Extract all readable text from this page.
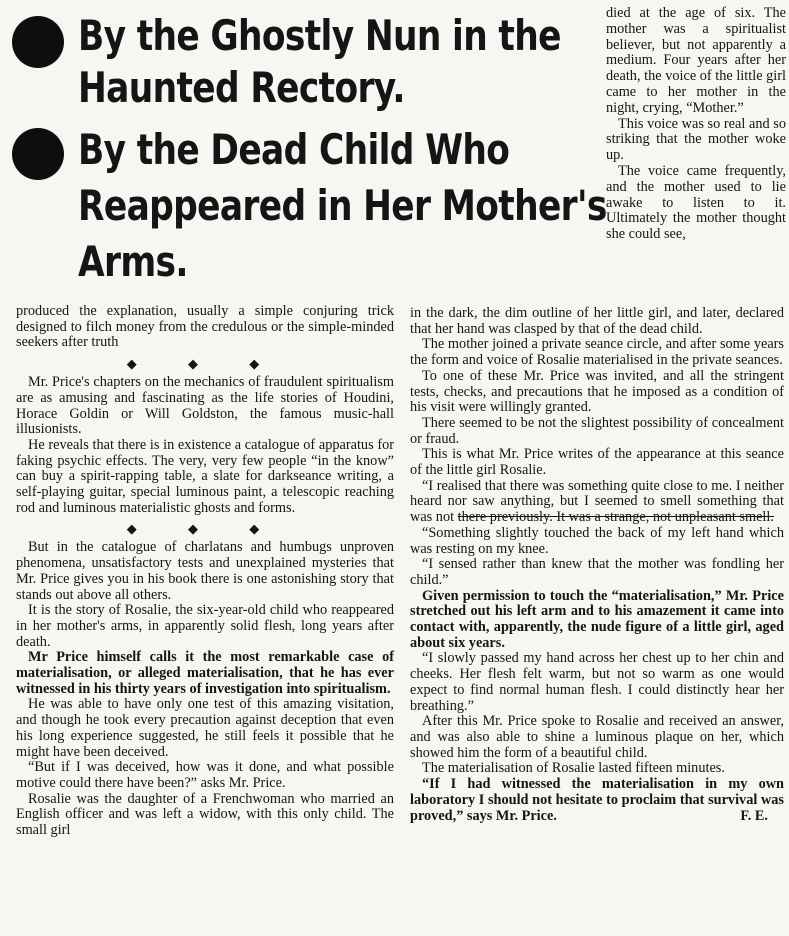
By the Ghostly Nun in the
Haunted Rectory.
By the Dead Child Who
Reappeared in Her Mother's
Arms.

died at the age of six. The mother was a spiritualist believer, but not apparently a medium. Four years after her death, the voice of the little girl came to her mother in the night, crying, “Mother.”

This voice was so real and so striking that the mother woke up.

The voice came frequently, and the mother used to lie awake to listen to it. Ultimately the mother thought she could see,

produced the explanation, usually a simple conjuring trick designed to filch money from the credulous or the simple-minded seekers after truth

◆ ◆ ◆

Mr. Price's chapters on the mechanics of fraudulent spiritualism are as amusing and fascinating as the life stories of Houdini, Horace Goldin or Will Goldston, the famous music-hall illusionists.

He reveals that there is in existence a catalogue of apparatus for faking psychic effects. The very, very few people “in the know” can buy a spirit-rapping table, a slate for darkseance writing, a self-playing guitar, special luminous paint, a telescopic reaching rod and luminous materialistic ghosts and forms.

◆ ◆ ◆

But in the catalogue of charlatans and humbugs unproven phenomena, unsatisfactory tests and unexplained mysteries that Mr. Price gives you in his book there is one astonishing story that stands out above all others.

It is the story of Rosalie, the six-year-old child who reappeared in her mother's arms, in apparently solid flesh, long years after death.

Mr Price himself calls it the most remarkable case of materialisation, or alleged materialisation, that he has ever witnessed in his thirty years of investigation into spiritualism.

He was able to have only one test of this amazing visitation, and though he took every precaution against deception that even his long experience suggested, he still feels it possible that he might have been deceived.

“But if I was deceived, how was it done, and what possible motive could there have been?” asks Mr. Price.

Rosalie was the daughter of a Frenchwoman who married an English officer and was left a widow, with this only child. The small girl

in the dark, the dim outline of her little girl, and later, declared that her hand was clasped by that of the dead child.

The mother joined a private seance circle, and after some years the form and voice of Rosalie materialised in the private seances.

To one of these Mr. Price was invited, and all the stringent tests, checks, and precautions that he imposed as a condition of his visit were willingly granted.

There seemed to be not the slightest possibility of concealment or fraud.

This is what Mr. Price writes of the appearance at this seance of the little girl Rosalie.

“I realised that there was something quite close to me. I neither heard nor saw anything, but I seemed to smell something that was not there previously. It was a strange, not unpleasant smell.

“Something slightly touched the back of my left hand which was resting on my knee.

“I sensed rather than knew that the mother was fondling her child.”

Given permission to touch the “materialisation,” Mr. Price stretched out his left arm and to his amazement it came into contact with, apparently, the nude figure of a little girl, aged about six years.

“I slowly passed my hand across her chest up to her chin and cheeks. Her flesh felt warm, but not so warm as one would expect to find normal human flesh. I could distinctly hear her breathing.”

After this Mr. Price spoke to Rosalie and received an answer, and was also able to shine a luminous plaque on her, which showed him the form of a beautiful child.

The materialisation of Rosalie lasted fifteen minutes.

“If I had witnessed the materialisation in my own laboratory I should not hesitate to proclaim that survival was proved,” says Mr. Price.	F. E.
